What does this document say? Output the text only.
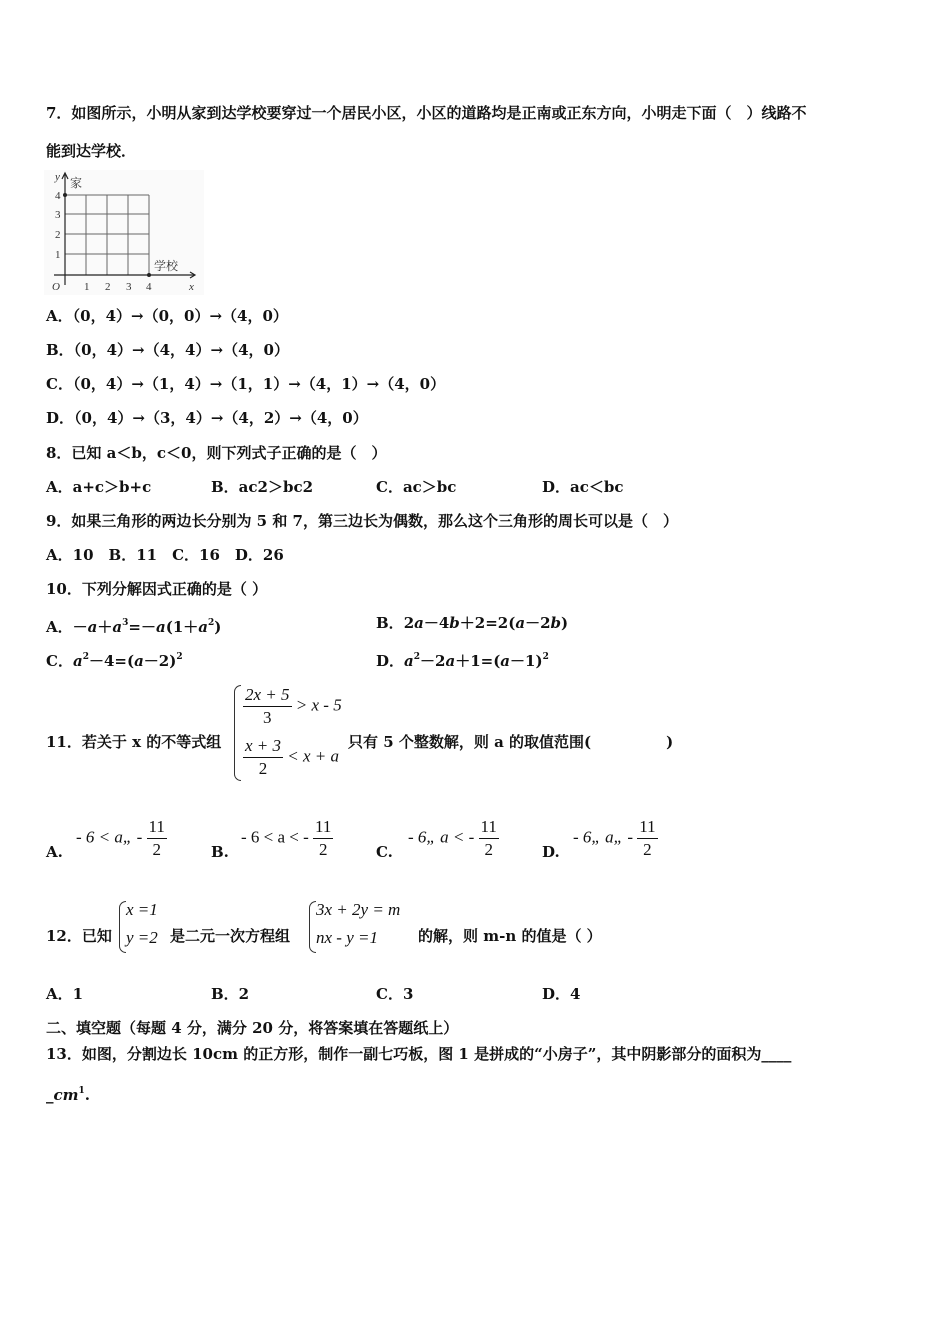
7．如图所示，小明从家到达学校要穿过一个居民小区，小区的道路均是正南或正东方向，小明走下面（　）线路不
能到达学校．
1 2 3 4
1
2
3
4
O	x
y 家
学校
A．（0，4）→（0，0）→（4，0）
B．（0，4）→（4，4）→（4，0）
C．（0，4）→（1，4）→（1，1）→（4，1）→（4，0）
D．（0，4）→（3，4）→（4，2）→（4，0）
8．已知 a＜b，c＜0，则下列式子正确的是（　）
A．a+c＞b+c	B．ac2＞bc2	C．ac＞bc	D．ac＜bc
9．如果三角形的两边长分别为 5 和 7，第三边长为偶数，那么这个三角形的周长可以是（　）
A．10　B．11　C．16　D．26
10．下列分解因式正确的是（ ）
A．$-a+a^3=-a(1+a^2)$	B．2a－4b＋2=2(a－2b)
C．$a^2-4=(a-2)^2$	D．$a^2-2a+1=(a-1)^2$
11．若关于 x 的不等式组
$\frac{2x + 5}{3} > x - 5$
$\frac{x + 3}{2} < x + a$
只有 5 个整数解，则 a 的取值范围(　　　　　)
A.
- 6 < a„ - $\frac{11}{2}$	B.
- 6 < a < - $\frac{11}{2}$	C.
- 6„ a < - $\frac{11}{2}$	D.
- 6„ a„ - $\frac{11}{2}$
12．已知
x =1
y =2 是二元一次方程组
3x + 2y = m
nx - y =1	的解，则 m-n 的值是（ ）
A．1	B．2	C．3	D．4
二、填空题（每题 4 分，满分 20 分，将答案填在答题纸上）
13．如图，分割边长 10cm 的正方形，制作一副七巧板，图 1 是拼成的“小房子”，其中阴影部分的面积为____
$\_cm^1$.
